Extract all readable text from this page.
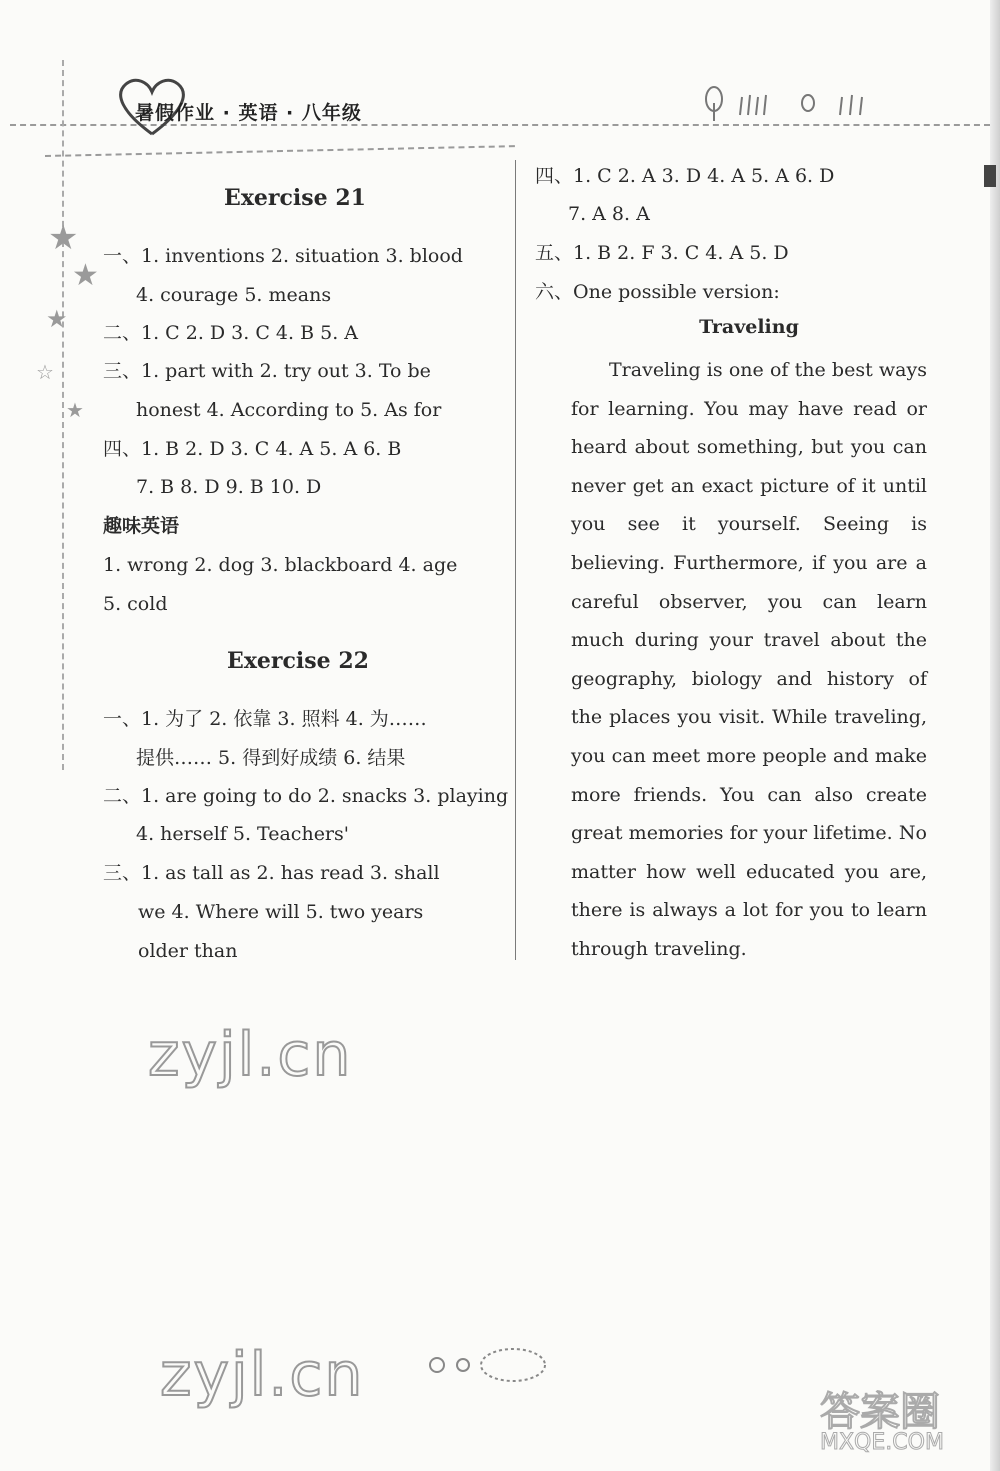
暑假作业 · 英语 · 八年级
★
★
★
☆
★
Exercise 21
一、1. inventions 2. situation 3. blood
4. courage 5. means
二、1. C 2. D 3. C 4. B 5. A
三、1. part with 2. try out 3. To be
honest 4. According to 5. As for
四、1. B 2. D 3. C 4. A 5. A 6. B
7. B 8. D 9. B 10. D
趣味英语
1. wrong 2. dog 3. blackboard 4. age
5. cold
Exercise 22
一、1. 为了 2. 依靠 3. 照料 4. 为……
提供…… 5. 得到好成绩 6. 结果
二、1. are going to do 2. snacks 3. playing
4. herself 5. Teachers'
三、1. as tall as 2. has read 3. shall
we 4. Where will 5. two years
older than
四、1. C 2. A 3. D 4. A 5. A 6. D
7. A 8. A
五、1. B 2. F 3. C 4. A 5. D
六、One possible version:
Traveling
Traveling is one of the best ways for learning. You may have read or heard about something, but you can never get an exact picture of it until you see it yourself. Seeing is believing. Furthermore, if you are a careful observer, you can learn much during your travel about the geography, biology and history of the places you visit. While traveling, you can meet more people and make more friends. You can also create great memories for your lifetime. No matter how well educated you are, there is always a lot for you to learn through traveling.
zyjl.cn
zyjl.cn
答案圈
MXQE.COM
